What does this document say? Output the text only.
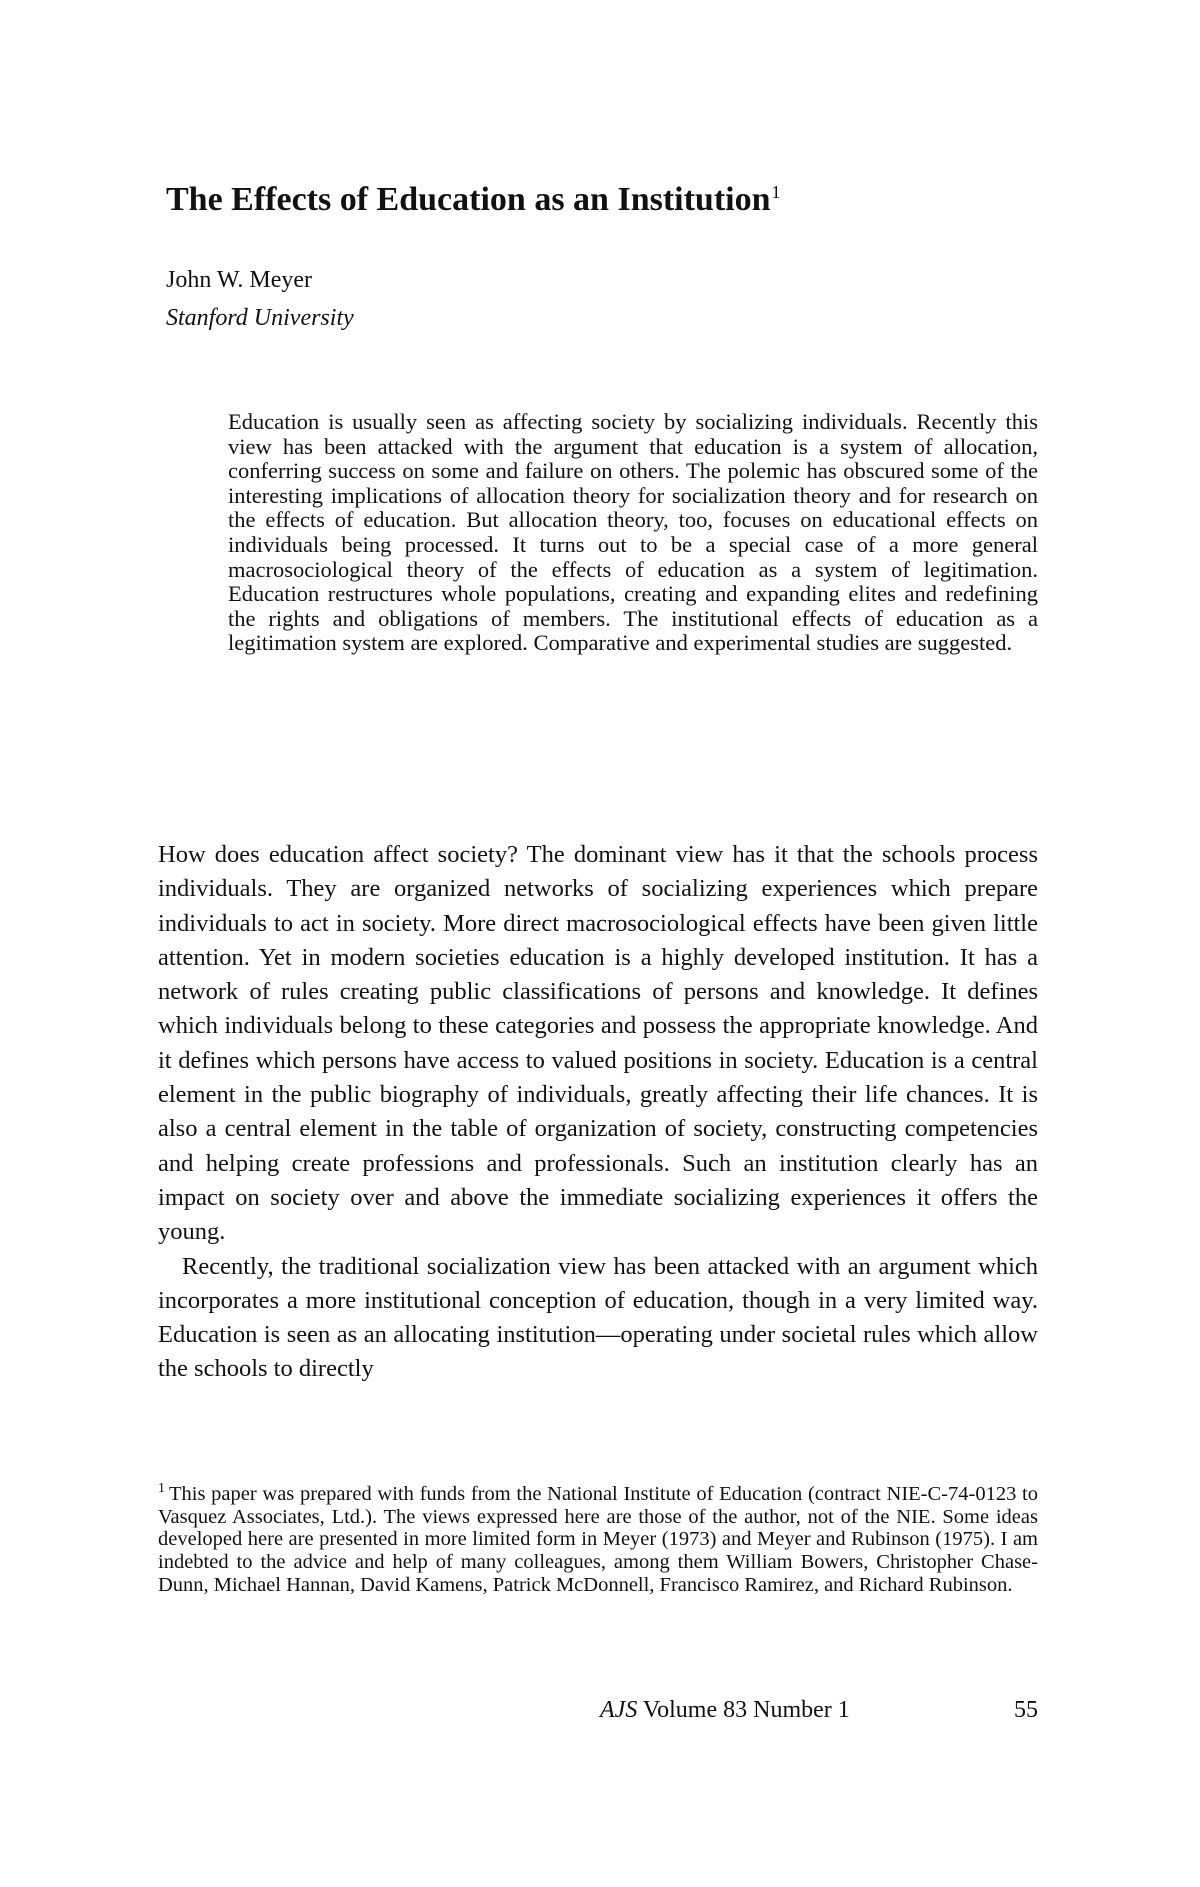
The Effects of Education as an Institution$^1$
John W. Meyer
Stanford University
Education is usually seen as affecting society by socializing individuals. Recently this view has been attacked with the argument that education is a system of allocation, conferring success on some and failure on others. The polemic has obscured some of the interesting implications of allocation theory for socialization theory and for research on the effects of education. But allocation theory, too, focuses on educational effects on individuals being processed. It turns out to be a special case of a more general macrosociological theory of the effects of education as a system of legitimation. Education restructures whole populations, creating and expanding elites and redefining the rights and obligations of members. The institutional effects of education as a legitimation system are explored. Comparative and experimental studies are suggested.

How does education affect society? The dominant view has it that the schools process individuals. They are organized networks of socializing experiences which prepare individuals to act in society. More direct macrosociological effects have been given little attention. Yet in modern societies education is a highly developed institution. It has a network of rules creating public classifications of persons and knowledge. It defines which individuals belong to these categories and possess the appropriate knowledge. And it defines which persons have access to valued positions in society. Education is a central element in the public biography of individuals, greatly affecting their life chances. It is also a central element in the table of organization of society, constructing competencies and helping create professions and professionals. Such an institution clearly has an impact on society over and above the immediate socializing experiences it offers the young.

Recently, the traditional socialization view has been attacked with an argument which incorporates a more institutional conception of education, though in a very limited way. Education is seen as an allocating institution—operating under societal rules which allow the schools to directly

$^1$ This paper was prepared with funds from the National Institute of Education (contract NIE-C-74-0123 to Vasquez Associates, Ltd.). The views expressed here are those of the author, not of the NIE. Some ideas developed here are presented in more limited form in Meyer (1973) and Meyer and Rubinson (1975). I am indebted to the advice and help of many colleagues, among them William Bowers, Christopher Chase-Dunn, Michael Hannan, David Kamens, Patrick McDonnell, Francisco Ramirez, and Richard Rubinson.
AJS Volume 83 Number 1	55
